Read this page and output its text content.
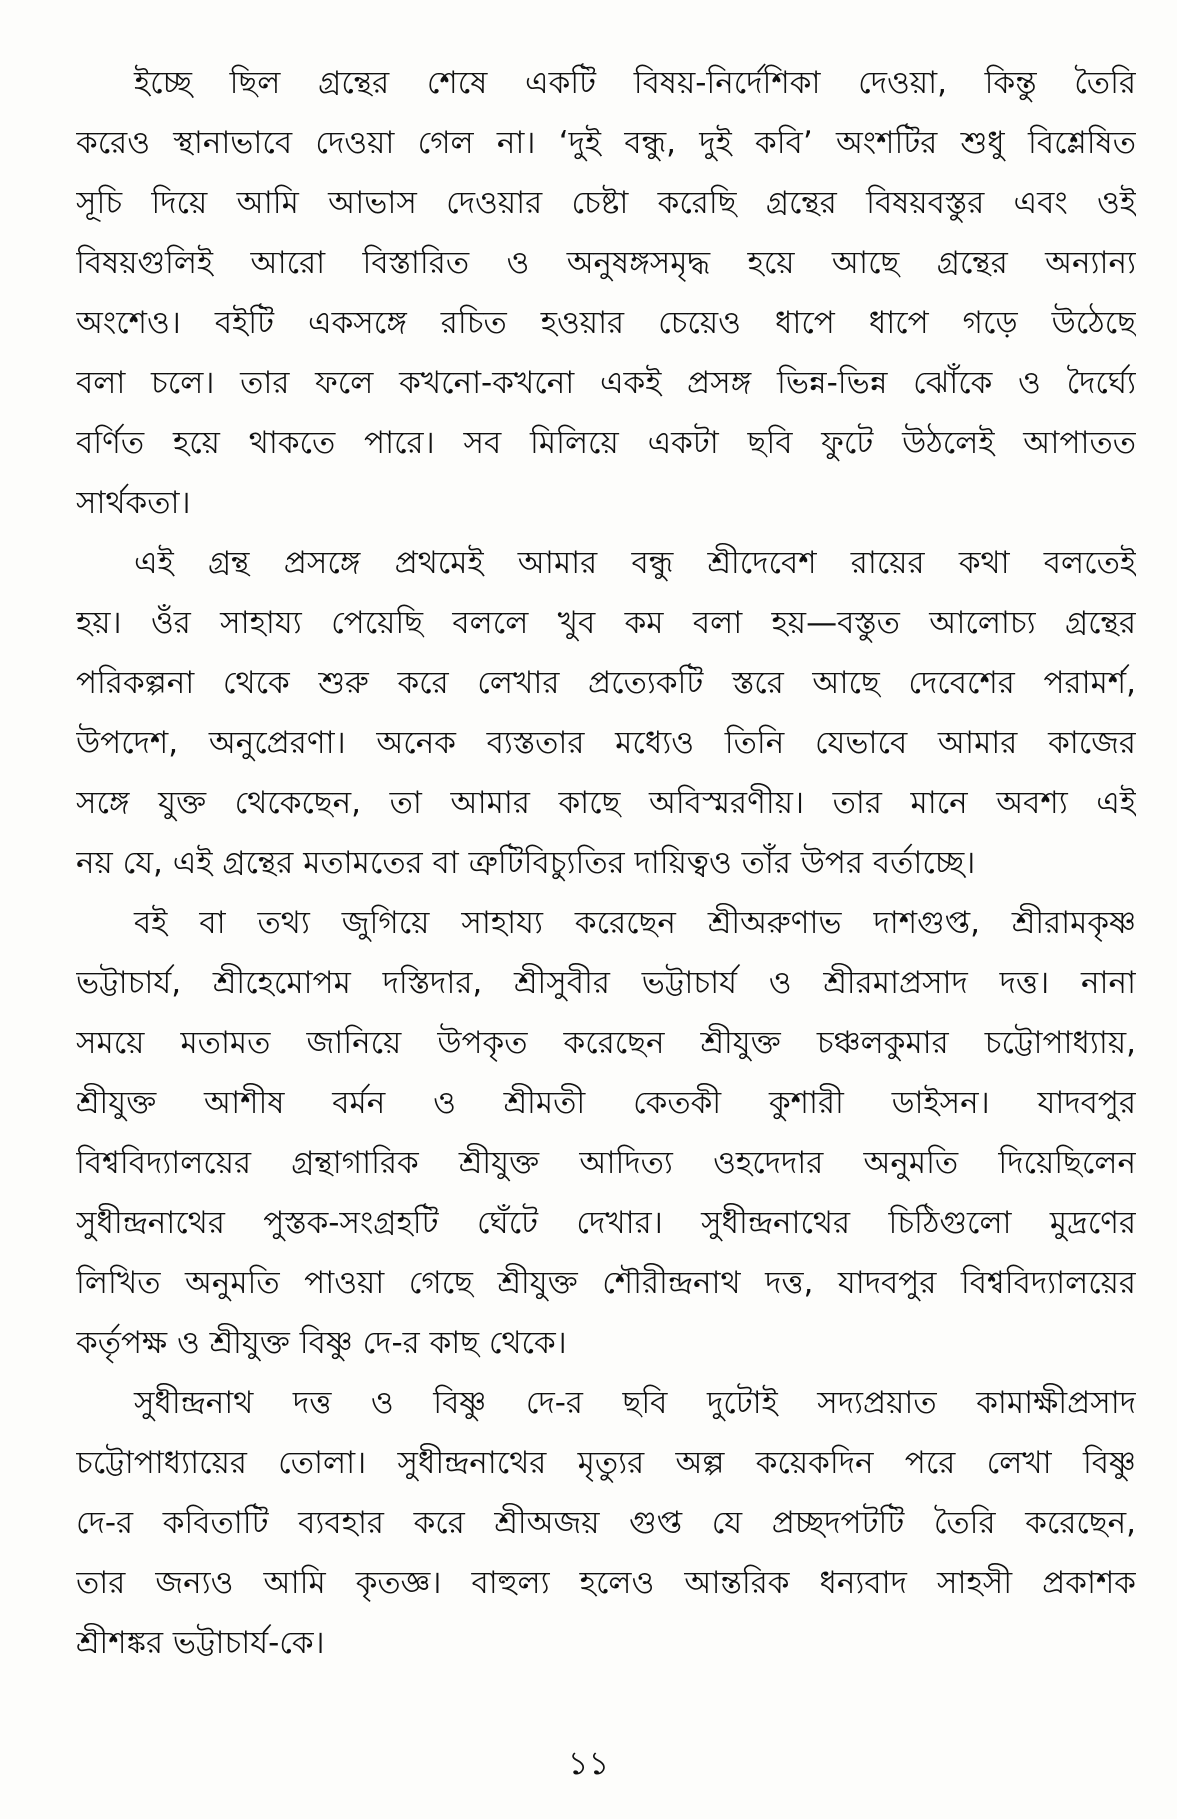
ইচ্ছে ছিল গ্রন্থের শেষে একটি বিষয়-নির্দেশিকা দেওয়া, কিন্তু তৈরি
করেও স্থানাভাবে দেওয়া গেল না। ‘দুই বন্ধু, দুই কবি’ অংশটির শুধু বিশ্লেষিত
সূচি দিয়ে আমি আভাস দেওয়ার চেষ্টা করেছি গ্রন্থের বিষয়বস্তুর এবং ওই
বিষয়গুলিই আরো বিস্তারিত ও অনুষঙ্গসমৃদ্ধ হয়ে আছে গ্রন্থের অন্যান্য
অংশেও। বইটি একসঙ্গে রচিত হওয়ার চেয়েও ধাপে ধাপে গড়ে উঠেছে
বলা চলে। তার ফলে কখনো-কখনো একই প্রসঙ্গ ভিন্ন-ভিন্ন ঝোঁকে ও দৈর্ঘ্যে
বর্ণিত হয়ে থাকতে পারে। সব মিলিয়ে একটা ছবি ফুটে উঠলেই আপাতত
সার্থকতা।
এই গ্রন্থ প্রসঙ্গে প্রথমেই আমার বন্ধু শ্রীদেবেশ রায়ের কথা বলতেই
হয়। ওঁর সাহায্য পেয়েছি বললে খুব কম বলা হয়—বস্তুত আলোচ্য গ্রন্থের
পরিকল্পনা থেকে শুরু করে লেখার প্রত্যেকটি স্তরে আছে দেবেশের পরামর্শ,
উপদেশ, অনুপ্রেরণা। অনেক ব্যস্ততার মধ্যেও তিনি যেভাবে আমার কাজের
সঙ্গে যুক্ত থেকেছেন, তা আমার কাছে অবিস্মরণীয়। তার মানে অবশ্য এই
নয় যে, এই গ্রন্থের মতামতের বা ত্রুটিবিচ্যুতির দায়িত্বও তাঁর উপর বর্তাচ্ছে।
বই বা তথ্য জুগিয়ে সাহায্য করেছেন শ্রীঅরুণাভ দাশগুপ্ত, শ্রীরামকৃষ্ণ
ভট্টাচার্য, শ্রীহেমোপম দস্তিদার, শ্রীসুবীর ভট্টাচার্য ও শ্রীরমাপ্রসাদ দত্ত। নানা
সময়ে মতামত জানিয়ে উপকৃত করেছেন শ্রীযুক্ত চঞ্চলকুমার চট্টোপাধ্যায়,
শ্রীযুক্ত আশীষ বর্মন ও শ্রীমতী কেতকী কুশারী ডাইসন। যাদবপুর
বিশ্ববিদ্যালয়ের গ্রন্থাগারিক শ্রীযুক্ত আদিত্য ওহদেদার অনুমতি দিয়েছিলেন
সুধীন্দ্রনাথের পুস্তক-সংগ্রহটি ঘেঁটে দেখার। সুধীন্দ্রনাথের চিঠিগুলো মুদ্রণের
লিখিত অনুমতি পাওয়া গেছে শ্রীযুক্ত শৌরীন্দ্রনাথ দত্ত, যাদবপুর বিশ্ববিদ্যালয়ের
কর্তৃপক্ষ ও শ্রীযুক্ত বিষ্ণু দে-র কাছ থেকে।
সুধীন্দ্রনাথ দত্ত ও বিষ্ণু দে-র ছবি দুটোই সদ্যপ্রয়াত কামাক্ষীপ্রসাদ
চট্টোপাধ্যায়ের তোলা। সুধীন্দ্রনাথের মৃত্যুর অল্প কয়েকদিন পরে লেখা বিষ্ণু
দে-র কবিতাটি ব্যবহার করে শ্রীঅজয় গুপ্ত যে প্রচ্ছদপটটি তৈরি করেছেন,
তার জন্যও আমি কৃতজ্ঞ। বাহুল্য হলেও আন্তরিক ধন্যবাদ সাহসী প্রকাশক
শ্রীশঙ্কর ভট্টাচার্য-কে।
১১
